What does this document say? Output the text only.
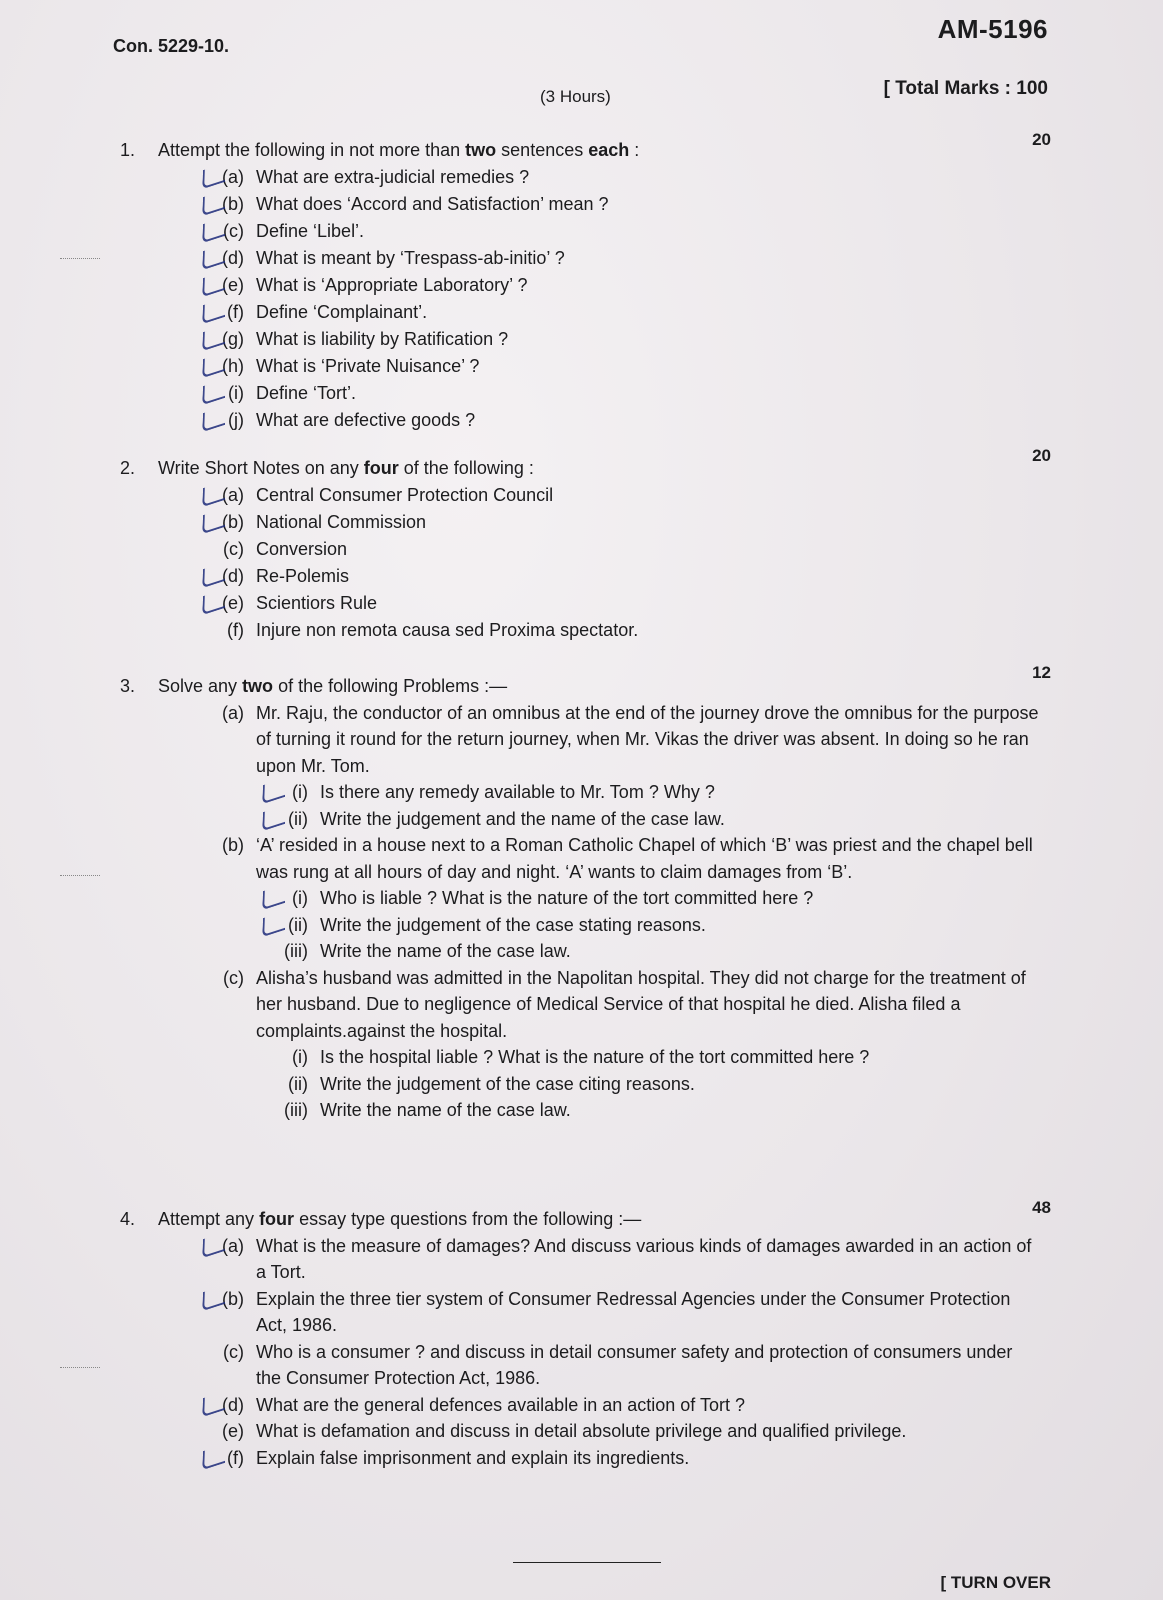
Con. 5229-10.
AM-5196
(3 Hours)	[ Total Marks : 100
20
1.	Attempt the following in not more than two sentences each :
(a) What are extra-judicial remedies ?
(b) What does ‘Accord and Satisfaction’ mean ?
(c) Define ‘Libel’.
(d) What is meant by ‘Trespass-ab-initio’ ?
(e) What is ‘Appropriate Laboratory’ ?
(f) Define ‘Complainant’.
(g) What is liability by Ratification ?
(h) What is ‘Private Nuisance’ ?
(i) Define ‘Tort’.
(j) What are defective goods ?
20
2.	Write Short Notes on any four of the following :
(a) Central Consumer Protection Council
(b) National Commission
(c) Conversion
(d) Re-Polemis
(e) Scientiors Rule
(f) Injure non remota causa sed Proxima spectator.
12
3.	Solve any two of the following Problems :—
(a) Mr. Raju, the conductor of an omnibus at the end of the journey drove the omnibus for the purpose of turning it round for the return journey, when Mr. Vikas the driver was absent. In doing so he ran upon Mr. Tom.
(i) Is there any remedy available to Mr. Tom ? Why ?
(ii) Write the judgement and the name of the case law.
(b) ‘A’ resided in a house next to a Roman Catholic Chapel of which ‘B’ was priest and the chapel bell was rung at all hours of day and night. ‘A’ wants to claim damages from ‘B’.
(i) Who is liable ? What is the nature of the tort committed here ?
(ii) Write the judgement of the case stating reasons.
(iii) Write the name of the case law.
(c) Alisha’s husband was admitted in the Napolitan hospital. They did not charge for the treatment of her husband. Due to negligence of Medical Service of that hospital he died. Alisha filed a complaints.against the hospital.
(i) Is the hospital liable ? What is the nature of the tort committed here ?
(ii) Write the judgement of the case citing reasons.
(iii) Write the name of the case law.
48
4.	Attempt any four essay type questions from the following :—
(a) What is the measure of damages? And discuss various kinds of damages awarded in an action of a Tort.
(b) Explain the three tier system of Consumer Redressal Agencies under the Consumer Protection Act, 1986.
(c) Who is a consumer ? and discuss in detail consumer safety and protection of consumers under the Consumer Protection Act, 1986.
(d) What are the general defences available in an action of Tort ?
(e) What is defamation and discuss in detail absolute privilege and qualified privilege.
(f) Explain false imprisonment and explain its ingredients.
[ TURN OVER
